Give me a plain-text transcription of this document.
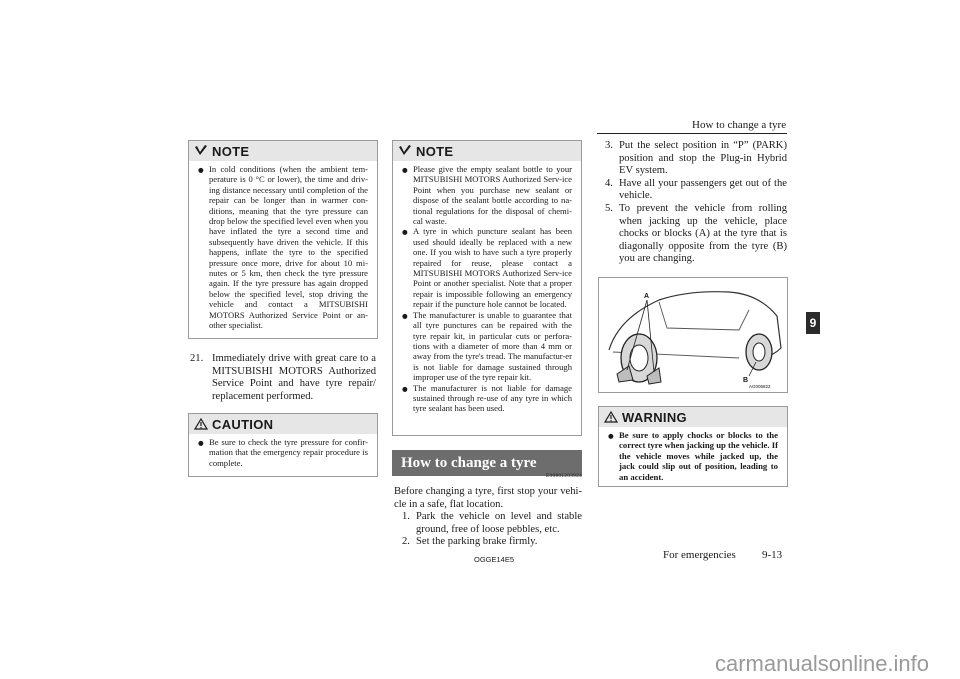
How to change a tyre
9
NOTE
● In cold conditions (when the ambient tem-perature is 0 °C or lower), the time and driv-ing distance necessary until completion of the repair can be longer than in warmer con-ditions, meaning that the tyre pressure can drop below the specified level even when you have inflated the tyre a second time and subsequently have driven the vehicle. If this happens, inflate the tyre to the specified pressure once more, drive for about 10 mi-nutes or 5 km, then check the tyre pressure again. If the tyre pressure has again dropped below the specified level, stop driving the vehicle and contact a MITSUBISHI MOTORS Authorized Service Point or an-other specialist.
21. Immediately drive with great care to a MITSUBISHI MOTORS Authorized Service Point and have tyre repair/ replacement performed.
CAUTION
● Be sure to check the tyre pressure for confir-mation that the emergency repair procedure is complete.
NOTE
● Please give the empty sealant bottle to your MITSUBISHI MOTORS Authorized Serv-ice Point when you purchase new sealant or dispose of the sealant bottle according to na-tional regulations for the disposal of chemi-cal waste.
● A tyre in which puncture sealant has been used should ideally be replaced with a new one. If you wish to have such a tyre properly repaired for reuse, please contact a MITSUBISHI MOTORS Authorized Serv-ice Point or another specialist. Note that a proper repair is impossible following an emergency repair if the puncture hole cannot be located.
● The manufacturer is unable to guarantee that all tyre punctures can be repaired with the tyre repair kit, in particular cuts or perfora-tions with a diameter of more than 4 mm or away from the tyre's tread. The manufactur-er is not liable for damage sustained through improper use of the tyre repair kit.
● The manufacturer is not liable for damage sustained through re-use of any tyre in which tyre sealant has been used.
How to change a tyre
E00801203924
Before changing a tyre, first stop your vehi-cle in a safe, flat location.
1. Park the vehicle on level and stable ground, free of loose pebbles, etc.
2. Set the parking brake firmly.
3. Put the select position in “P” (PARK) position and stop the Plug-in Hybrid EV system.
4. Have all your passengers get out of the vehicle.
5. To prevent the vehicle from rolling when jacking up the vehicle, place chocks or blocks (A) at the tyre that is diagonally opposite from the tyre (B) you are changing.
A
B
AG006822
WARNING
● Be sure to apply chocks or blocks to the correct tyre when jacking up the vehicle. If the vehicle moves while jacked up, the jack could slip out of position, leading to an accident.
OGGE14E5	For emergencies 9-13
carmanualsonline.info
